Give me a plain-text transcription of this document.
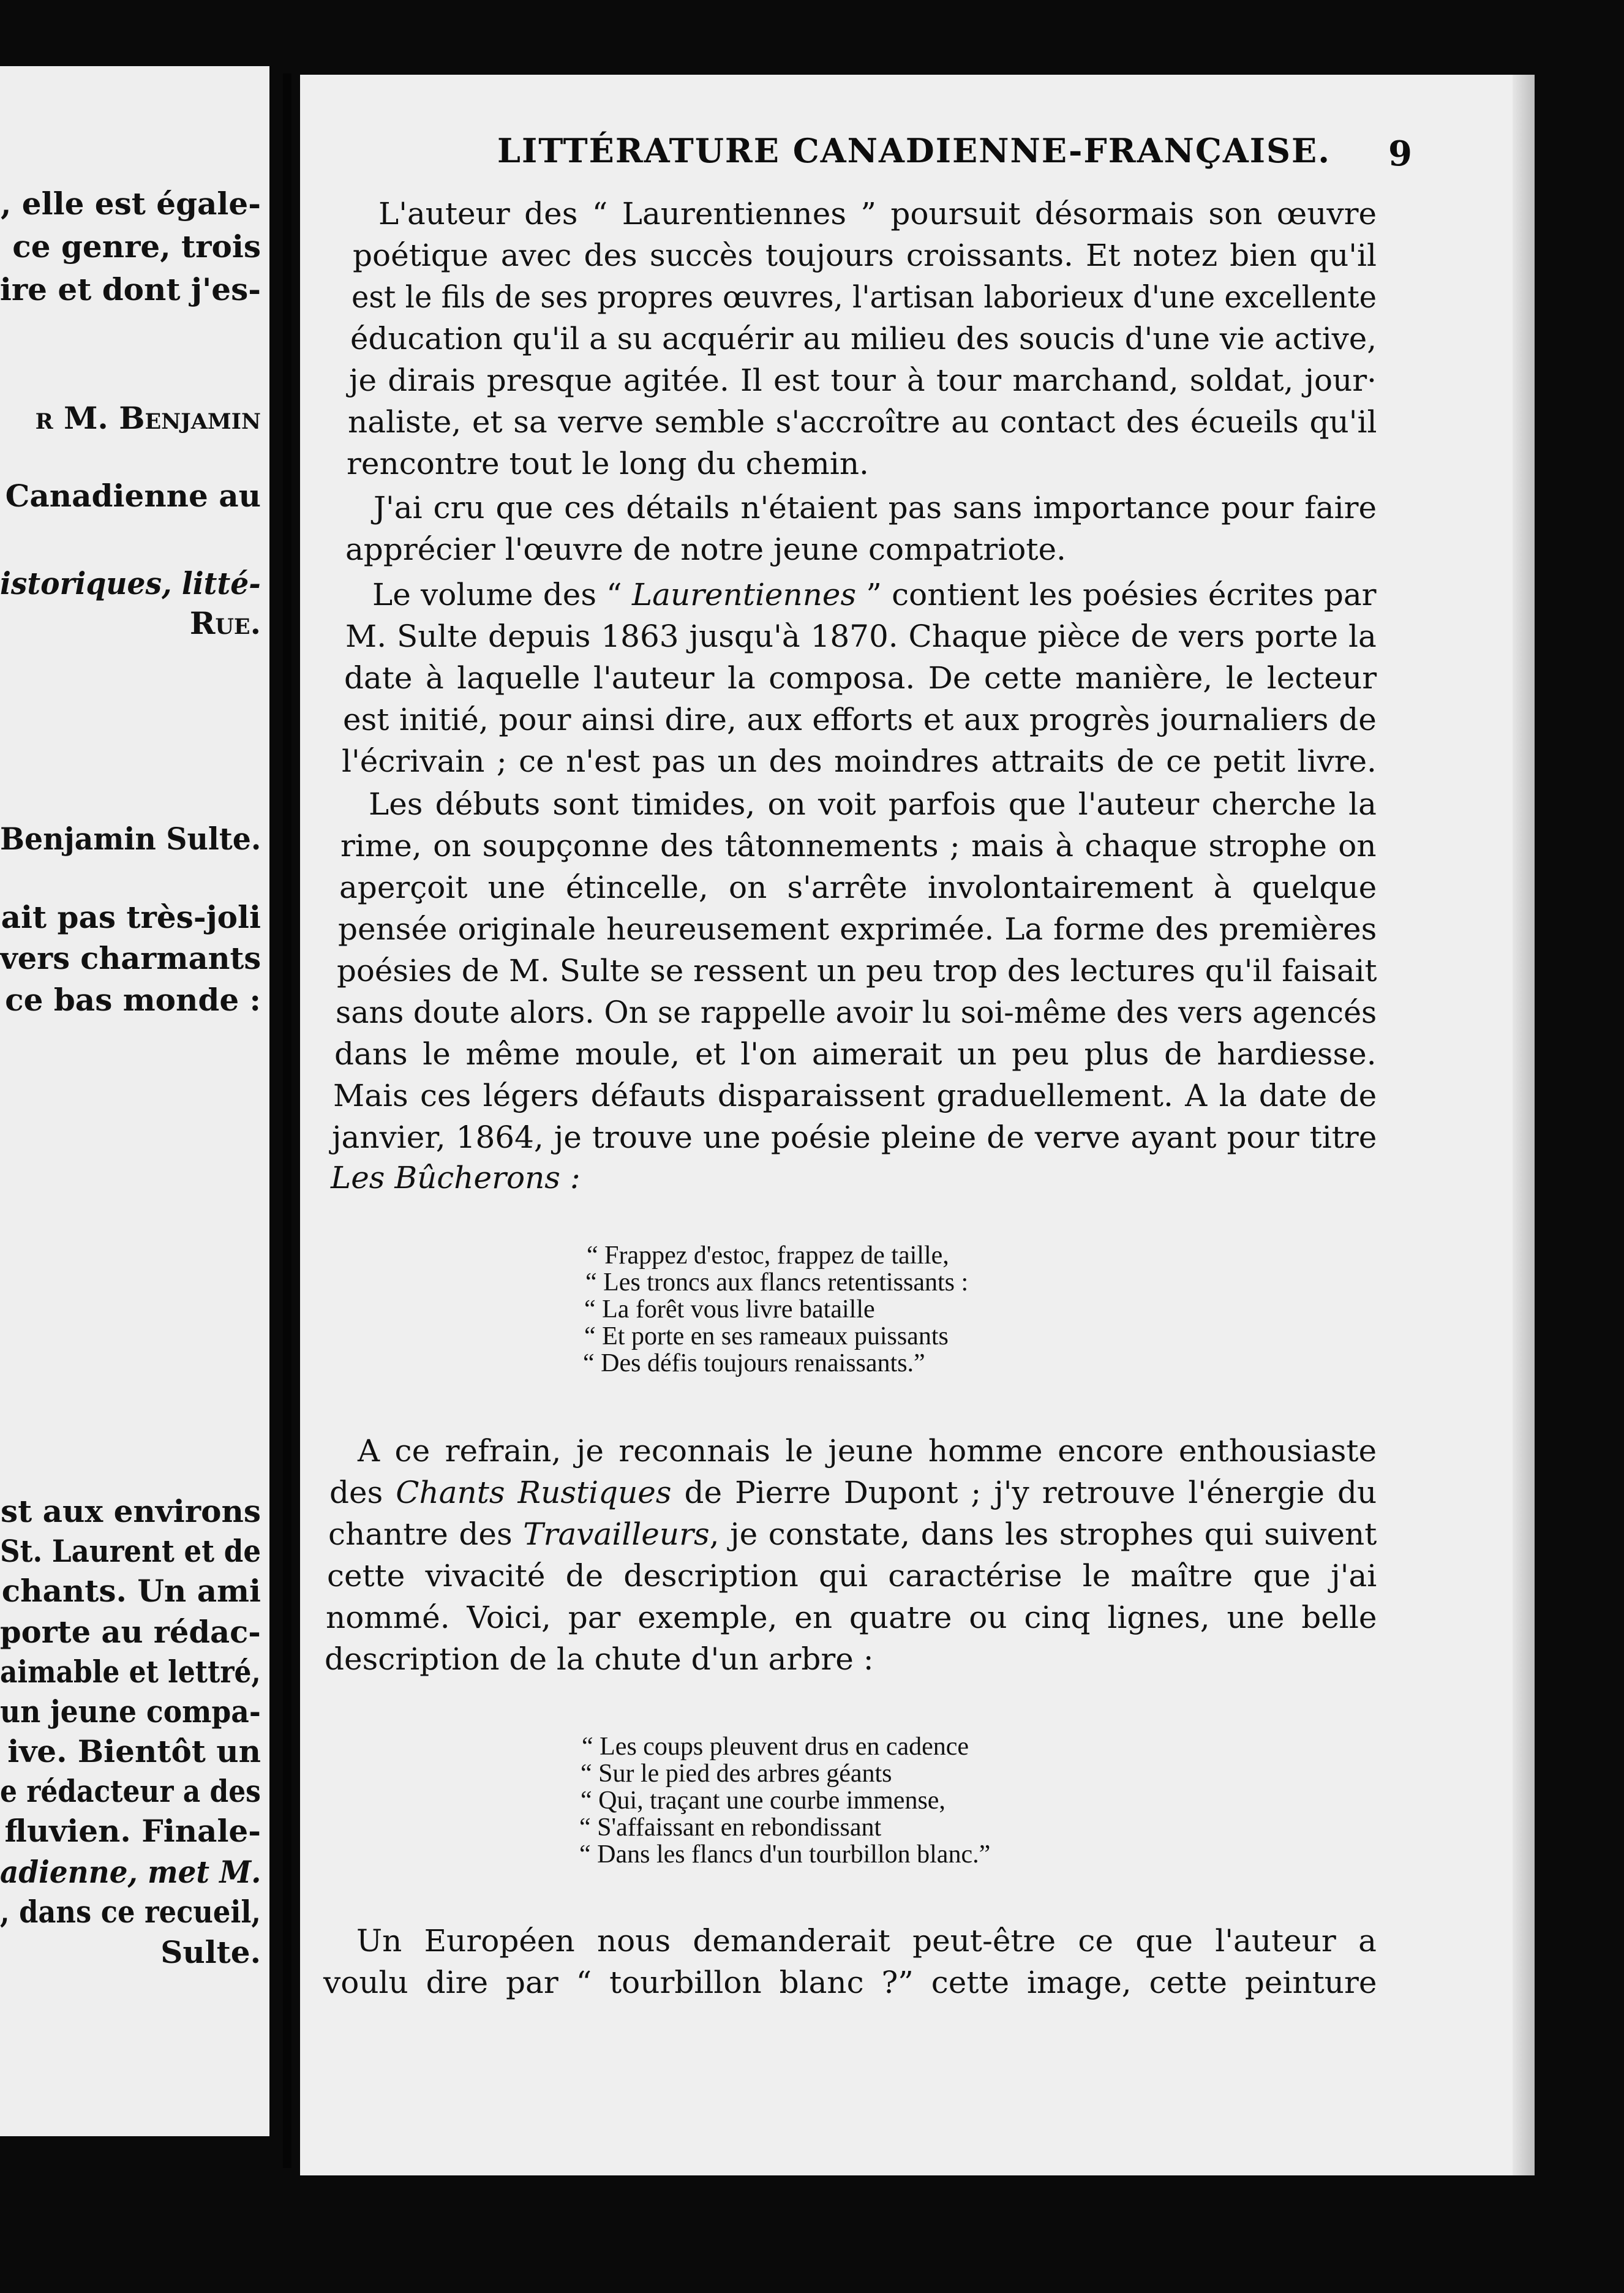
, elle est égale-
ce genre, trois
ire et dont j'es-
r M. Benjamin
Canadienne au
istoriques, litté-
Rue.
Benjamin Sulte.
ait pas très-joli
vers charmants
ce bas monde :
st aux environs
St. Laurent et de
chants. Un ami
porte au rédac-
aimable et lettré,
un jeune compa-
ive. Bientôt un
e rédacteur a des
fluvien. Finale-
adienne, met M.
, dans ce recueil,
Sulte.
LITTÉRATURE CANADIENNE-FRANÇAISE. 9
L'auteur des “ Laurentiennes ” poursuit désormais son œuvre
poétique avec des succès toujours croissants. Et notez bien qu'il
est le fils de ses propres œuvres, l'artisan laborieux d'une excellente
éducation qu'il a su acquérir au milieu des soucis d'une vie active,
je dirais presque agitée. Il est tour à tour marchand, soldat, jour·
naliste, et sa verve semble s'accroître au contact des écueils qu'il
rencontre tout le long du chemin.
J'ai cru que ces détails n'étaient pas sans importance pour faire
apprécier l'œuvre de notre jeune compatriote.
Le volume des “ Laurentiennes ” contient les poésies écrites par
M. Sulte depuis 1863 jusqu'à 1870. Chaque pièce de vers porte la
date à laquelle l'auteur la composa. De cette manière, le lecteur
est initié, pour ainsi dire, aux efforts et aux progrès journaliers de
l'écrivain ; ce n'est pas un des moindres attraits de ce petit livre.
Les débuts sont timides, on voit parfois que l'auteur cherche la
rime, on soupçonne des tâtonnements ; mais à chaque strophe on
aperçoit une étincelle, on s'arrête involontairement à quelque
pensée originale heureusement exprimée. La forme des premières
poésies de M. Sulte se ressent un peu trop des lectures qu'il faisait
sans doute alors. On se rappelle avoir lu soi-même des vers agencés
dans le même moule, et l'on aimerait un peu plus de hardiesse.
Mais ces légers défauts disparaissent graduellement. A la date de
janvier, 1864, je trouve une poésie pleine de verve ayant pour titre
Les Bûcherons :
“ Frappez d'estoc, frappez de taille,
“ Les troncs aux flancs retentissants :
“ La forêt vous livre bataille
“ Et porte en ses rameaux puissants
“ Des défis toujours renaissants.”
A ce refrain, je reconnais le jeune homme encore enthousiaste
des Chants Rustiques de Pierre Dupont ; j'y retrouve l'énergie du
chantre des Travailleurs, je constate, dans les strophes qui suivent
cette vivacité de description qui caractérise le maître que j'ai
nommé. Voici, par exemple, en quatre ou cinq lignes, une belle
description de la chute d'un arbre :
“ Les coups pleuvent drus en cadence
“ Sur le pied des arbres géants
“ Qui, traçant une courbe immense,
“ S'affaissant en rebondissant
“ Dans les flancs d'un tourbillon blanc.”
Un Européen nous demanderait peut-être ce que l'auteur a
voulu dire par “ tourbillon blanc ?” cette image, cette peinture
